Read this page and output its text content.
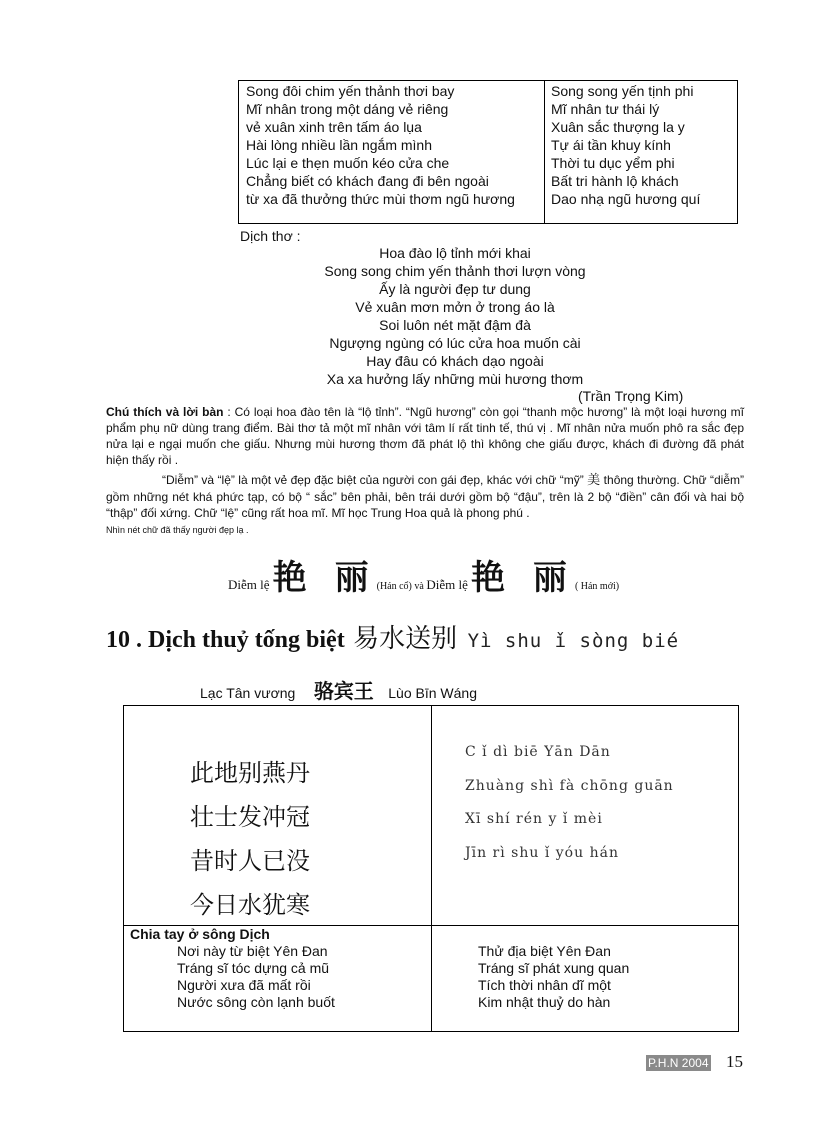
Song đôi chim yến thảnh thơi bay
Mĩ nhân trong một dáng vẻ riêng
vẻ xuân xinh trên tấm áo lụa
Hài lòng nhiều lần ngắm mình
Lúc lại e thẹn muốn kéo cửa che
Chẳng biết có khách đang đi bên ngoài
từ xa đã thưởng thức mùi thơm ngũ hương
Song song yến tịnh phi
Mĩ nhân tư thái lý
Xuân sắc thượng la y
Tự ái tần khuy kính
Thời tu dục yểm phi
Bất tri hành lộ khách
Dao nhạ ngũ hương quí
Dịch thơ :
Hoa đào lộ tỉnh mới khai
Song song chim yến thảnh thơi lượn vòng
Ấy là người đẹp tư dung
Vẻ xuân mơn mởn ở trong áo là
Soi luôn nét mặt đậm đà
Ngượng ngùng có lúc cửa hoa muốn cài
Hay đâu có khách dạo ngoài
Xa xa hưởng lấy những mùi hương thơm
(Trần Trọng Kim)
Chú thích và lời bàn : Có loại hoa đào tên là “lộ tỉnh”. “Ngũ hương” còn gọi “thanh mộc hương” là một loại hương mĩ phẩm phụ nữ dùng trang điểm. Bài thơ tả một mĩ nhân với tâm lí rất tinh tế, thú vị . Mĩ nhân nửa muốn phô ra sắc đẹp nửa lại e ngại muốn che giấu. Nhưng mùi hương thơm đã phát lộ thì không che giấu được, khách đi đường đã phát hiện thấy rồi .
“Diễm” và “lệ” là một vẻ đẹp đặc biệt của người con gái đẹp, khác với chữ “mỹ” 美 thông thường. Chữ “diễm” gồm những nét khá phức tạp, có bộ “ sắc” bên phải, bên trái dưới gồm bộ “đậu”, trên là 2 bộ “điền” cân đối và hai bộ “thập” đối xứng. Chữ “lệ” cũng rất hoa mĩ. Mĩ học Trung Hoa quả là phong phú .
Nhìn nét chữ đã thấy người đẹp lạ .
Diễm lệ 艳 丽(Hán cổ) và Diễm lệ 艳 丽( Hán mới)
10 . Dịch thuỷ tống biệt 易水送别 Yì shu ǐ sòng bié
Lạc Tân vương 骆宾王 Lùo Bīn Wáng
此地别燕丹
壮士发冲冠
昔时人已没
今日水犹寒
C ǐ dì biē Yān Dān
Zhuàng shì fà chōng guān
Xī shí rén y ǐ mèi
Jīn rì shu ǐ yóu hán
Chia tay ở sông Dịch
Nơi này từ biệt Yên Đan
Tráng sĩ tóc dựng cả mũ
Người xưa đã mất rồi
Nước sông còn lạnh buốt
Thử địa biệt Yên Đan
Tráng sĩ phát xung quan
Tích thời nhân dĩ một
Kim nhật thuỷ do hàn
P.H.N 2004 15
